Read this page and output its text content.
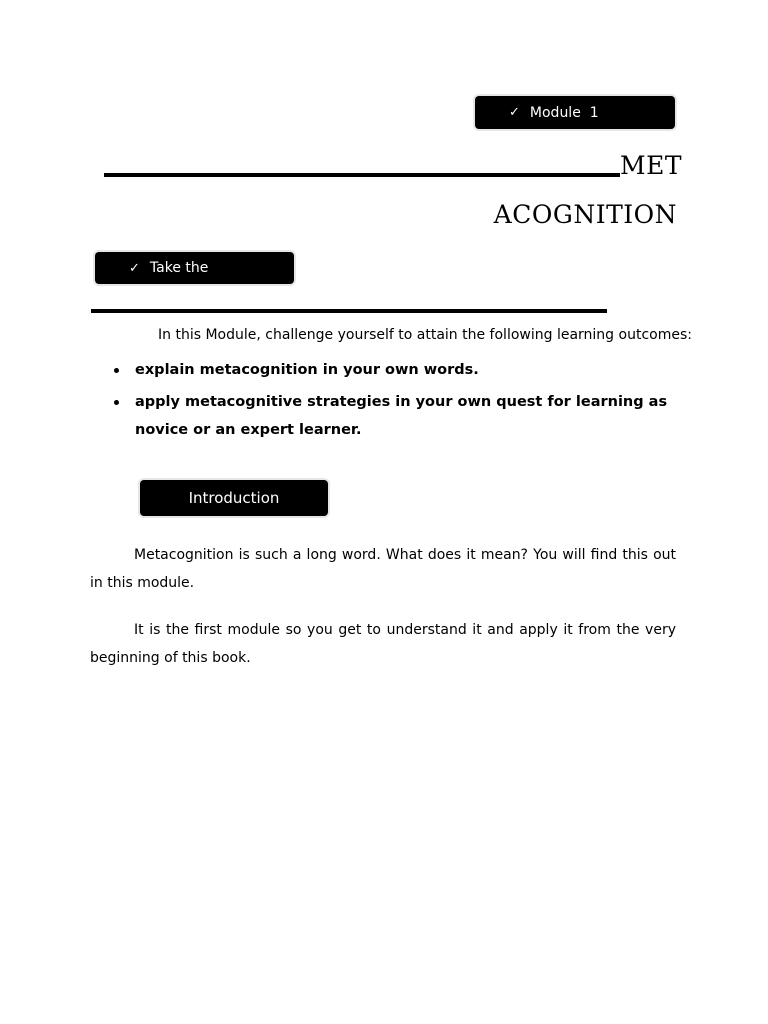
✓ Module  1
MET
ACOGNITION
✓ Take the
In this Module, challenge yourself to attain the following learning outcomes:
explain metacognition in your own words.
apply metacognitive strategies in your own quest for learning as novice or an expert learner.
Introduction

Metacognition is such a long word. What does it mean? You will find this out in this module.

It is the first module so you get to understand it and apply it from the very beginning of this book.
